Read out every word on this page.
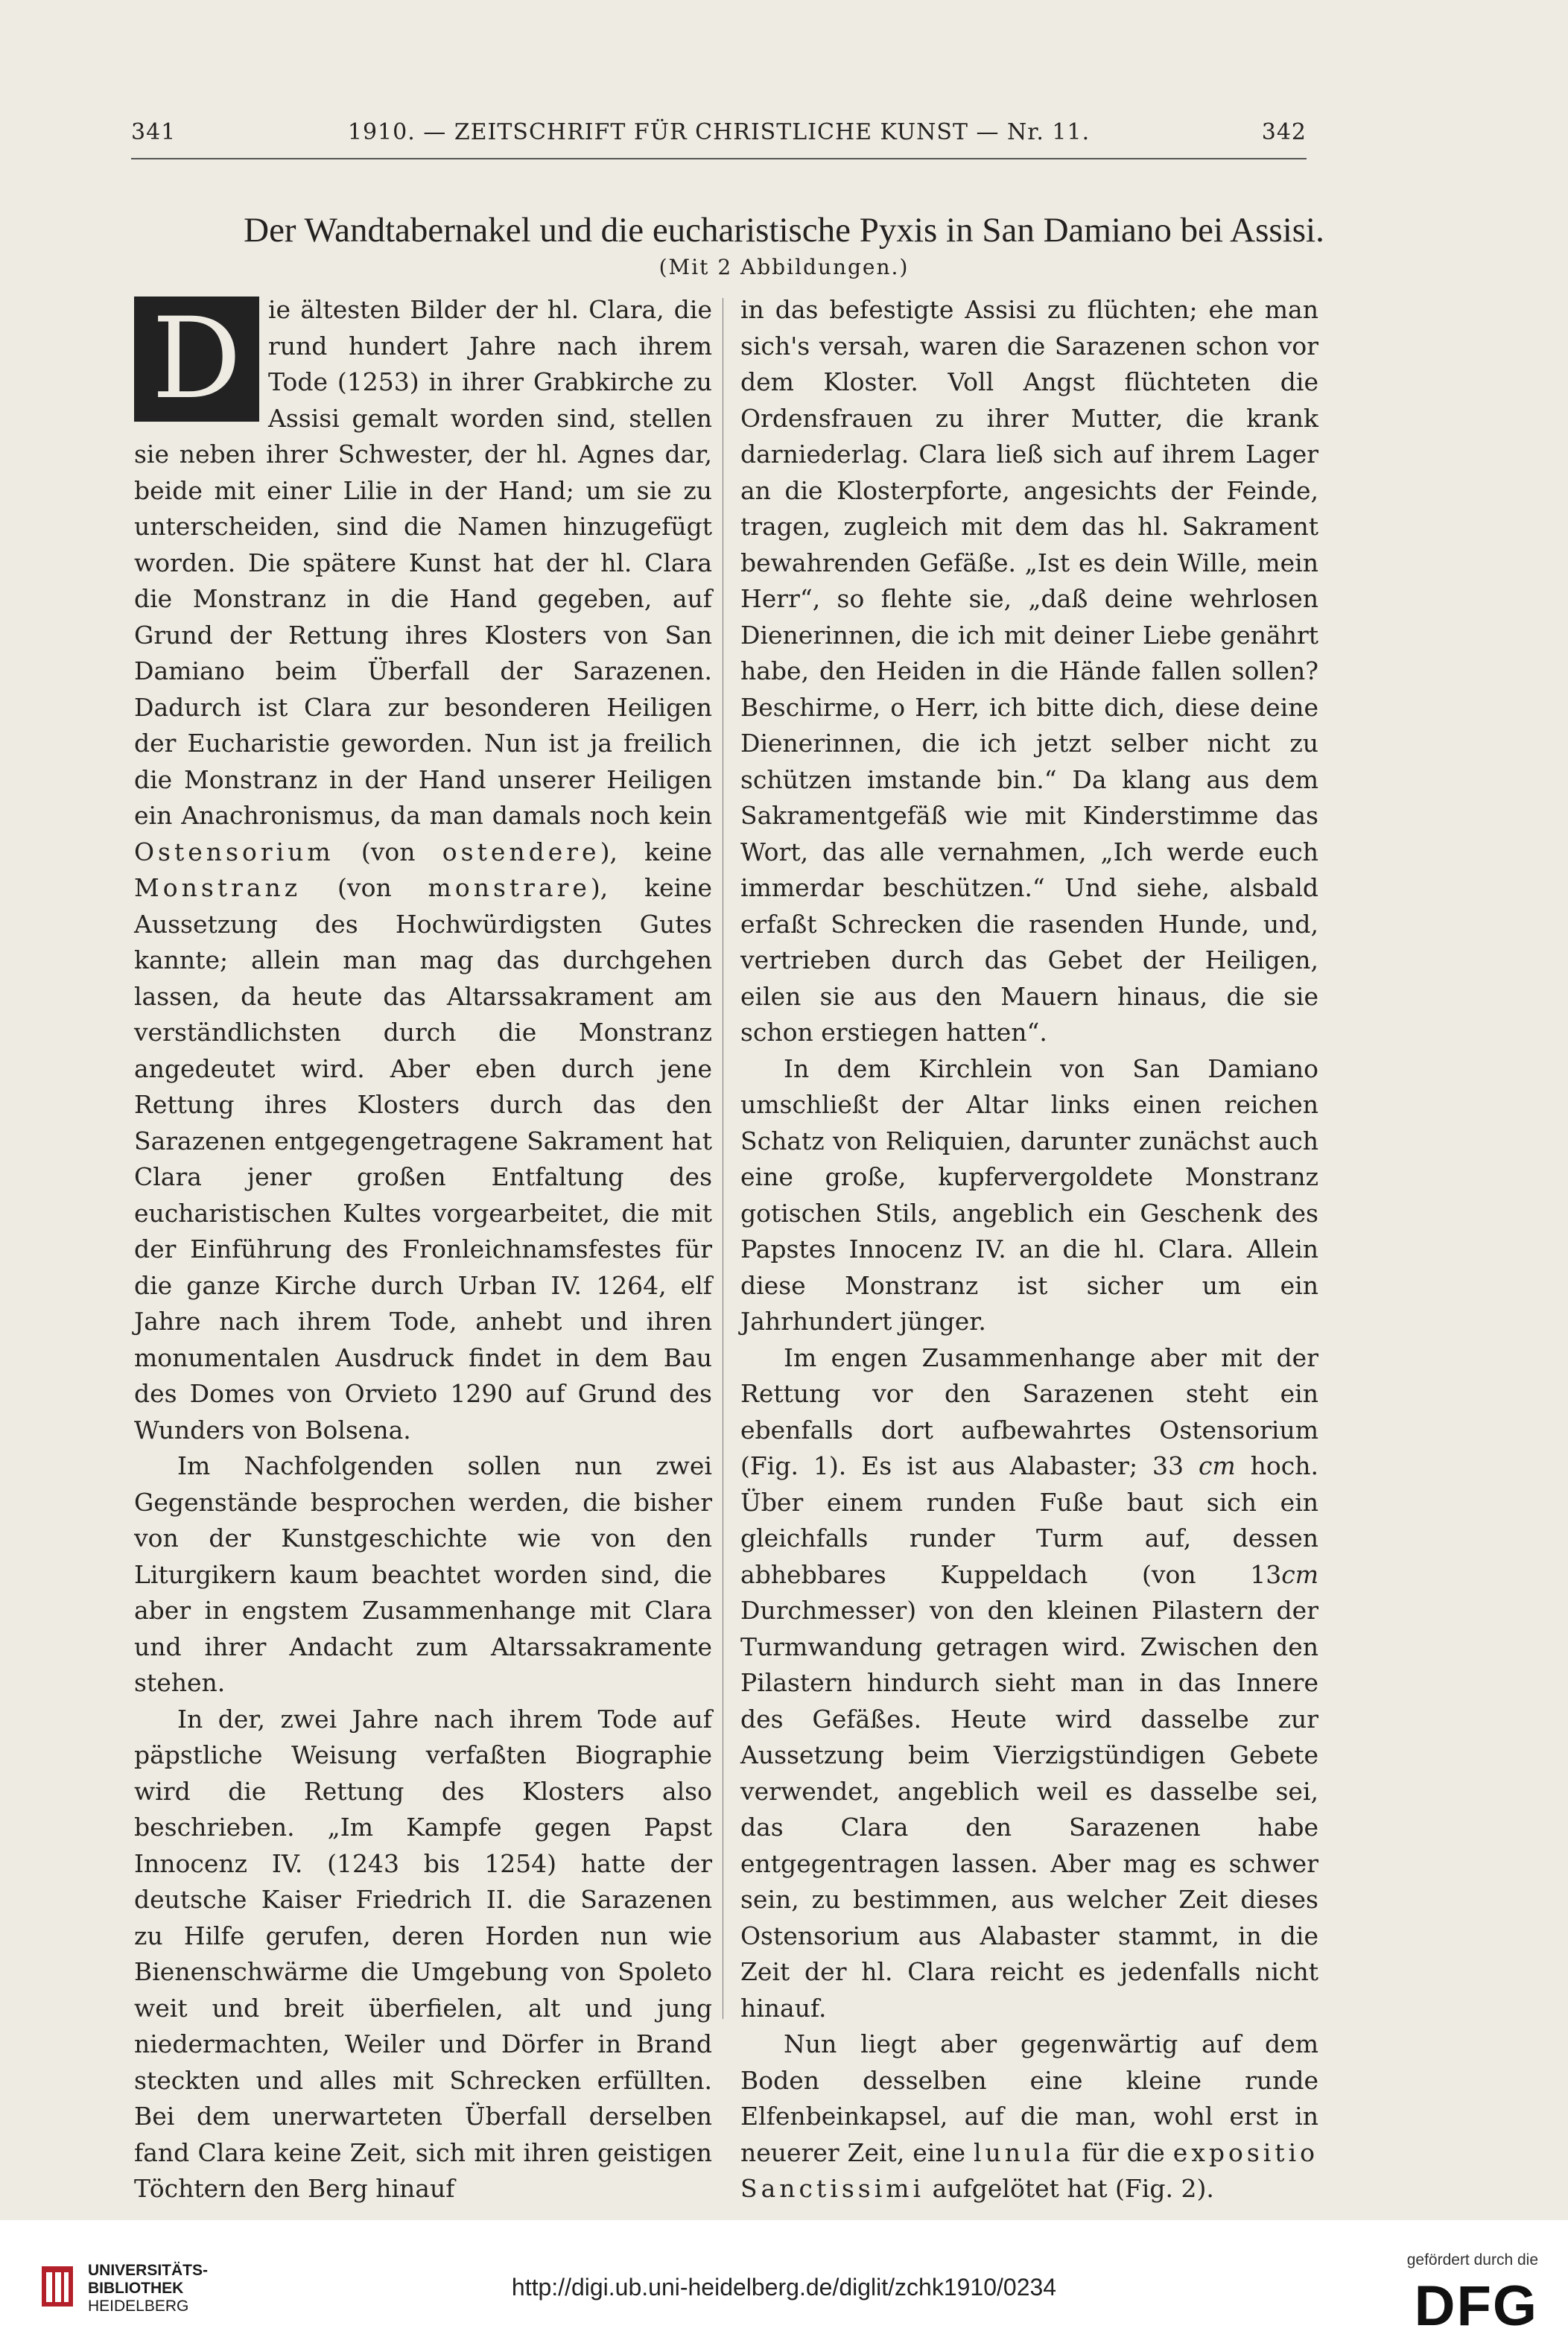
341	1910. — ZEITSCHRIFT FÜR CHRISTLICHE KUNST — Nr. 11.	342
Der Wandtabernakel und die eucharistische Pyxis in San Damiano bei Assisi.
(Mit 2 Abbildungen.)

D ie ältesten Bilder der hl. Clara, die rund hundert Jahre nach ihrem Tode (1253) in ihrer Grabkirche zu Assisi gemalt worden sind, stellen sie neben ihrer Schwester, der hl. Agnes dar, beide mit einer Lilie in der Hand; um sie zu unterscheiden, sind die Namen hinzugefügt worden. Die spätere Kunst hat der hl. Clara die Monstranz in die Hand gegeben, auf Grund der Rettung ihres Klosters von San Damiano beim Überfall der Sarazenen. Dadurch ist Clara zur besonderen Heiligen der Eucharistie geworden. Nun ist ja freilich die Monstranz in der Hand unserer Heiligen ein Anachronismus, da man damals noch kein Ostensorium (von ostendere), keine Monstranz (von monstrare), keine Aussetzung des Hochwürdigsten Gutes kannte; allein man mag das durchgehen lassen, da heute das Altarssakrament am verständlichsten durch die Monstranz angedeutet wird. Aber eben durch jene Rettung ihres Klosters durch das den Sarazenen entgegengetragene Sakrament hat Clara jener großen Entfaltung des eucharistischen Kultes vorgearbeitet, die mit der Einführung des Fronleichnamsfestes für die ganze Kirche durch Urban IV. 1264, elf Jahre nach ihrem Tode, anhebt und ihren monumentalen Ausdruck findet in dem Bau des Domes von Orvieto 1290 auf Grund des Wunders von Bolsena.

Im Nachfolgenden sollen nun zwei Gegenstände besprochen werden, die bisher von der Kunstgeschichte wie von den Liturgikern kaum beachtet worden sind, die aber in engstem Zusammenhange mit Clara und ihrer Andacht zum Altarssakramente stehen.

In der, zwei Jahre nach ihrem Tode auf päpstliche Weisung verfaßten Biographie wird die Rettung des Klosters also beschrieben. „Im Kampfe gegen Papst Innocenz IV. (1243 bis 1254) hatte der deutsche Kaiser Friedrich II. die Sarazenen zu Hilfe gerufen, deren Horden nun wie Bienenschwärme die Umgebung von Spoleto weit und breit überfielen, alt und jung niedermachten, Weiler und Dörfer in Brand steckten und alles mit Schrecken erfüllten. Bei dem unerwarteten Überfall derselben fand Clara keine Zeit, sich mit ihren geistigen Töchtern den Berg hinauf

in das befestigte Assisi zu flüchten; ehe man sich's versah, waren die Sarazenen schon vor dem Kloster. Voll Angst flüchteten die Ordensfrauen zu ihrer Mutter, die krank darniederlag. Clara ließ sich auf ihrem Lager an die Klosterpforte, angesichts der Feinde, tragen, zugleich mit dem das hl. Sakrament bewahrenden Gefäße. „Ist es dein Wille, mein Herr“, so flehte sie, „daß deine wehrlosen Dienerinnen, die ich mit deiner Liebe genährt habe, den Heiden in die Hände fallen sollen? Beschirme, o Herr, ich bitte dich, diese deine Dienerinnen, die ich jetzt selber nicht zu schützen imstande bin.“ Da klang aus dem Sakramentgefäß wie mit Kinderstimme das Wort, das alle vernahmen, „Ich werde euch immerdar beschützen.“ Und siehe, alsbald erfaßt Schrecken die rasenden Hunde, und, vertrieben durch das Gebet der Heiligen, eilen sie aus den Mauern hinaus, die sie schon erstiegen hatten“.

In dem Kirchlein von San Damiano umschließt der Altar links einen reichen Schatz von Reliquien, darunter zunächst auch eine große, kupfervergoldete Monstranz gotischen Stils, angeblich ein Geschenk des Papstes Innocenz IV. an die hl. Clara. Allein diese Monstranz ist sicher um ein Jahrhundert jünger.

Im engen Zusammenhange aber mit der Rettung vor den Sarazenen steht ein ebenfalls dort aufbewahrtes Ostensorium (Fig. 1). Es ist aus Alabaster; 33 cm hoch. Über einem runden Fuße baut sich ein gleichfalls runder Turm auf, dessen abhebbares Kuppeldach (von 13cm Durchmesser) von den kleinen Pilastern der Turmwandung getragen wird. Zwischen den Pilastern hindurch sieht man in das Innere des Gefäßes. Heute wird dasselbe zur Aussetzung beim Vierzigstündigen Gebete verwendet, angeblich weil es dasselbe sei, das Clara den Sarazenen habe entgegentragen lassen. Aber mag es schwer sein, zu bestimmen, aus welcher Zeit dieses Ostensorium aus Alabaster stammt, in die Zeit der hl. Clara reicht es jedenfalls nicht hinauf.

Nun liegt aber gegenwärtig auf dem Boden desselben eine kleine runde Elfenbeinkapsel, auf die man, wohl erst in neuerer Zeit, eine lunula für die expositio Sanctissimi aufgelötet hat (Fig. 2).

UNIVERSITÄTS-
BIBLIOTHEK
HEIDELBERG
http://digi.ub.uni-heidelberg.de/diglit/zchk1910/0234
gefördert durch die
DFG
